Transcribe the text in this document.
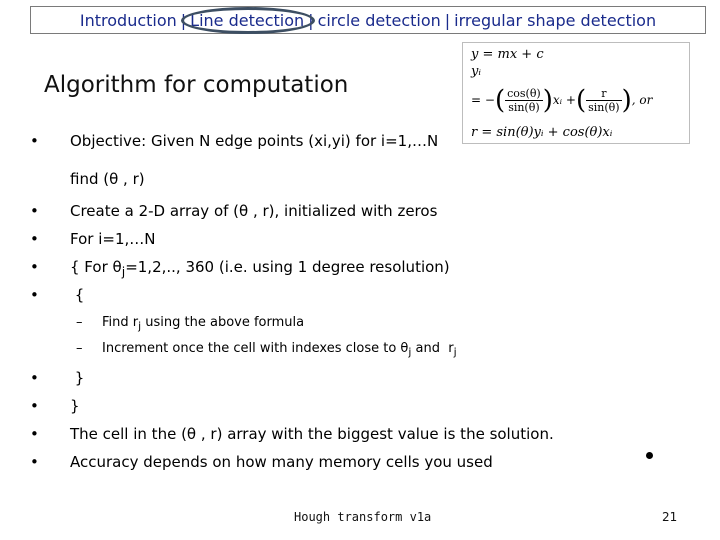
Introduction | Line detection | circle detection | irregular shape detection
Algorithm for computation
y = mx + c
yᵢ
= −( $\frac{\cos(\theta)}{\sin(\theta)}$ )xᵢ +( $\frac{r}{\sin(\theta)}$ ), or
r = sin(θ)yᵢ + cos(θ)xᵢ
• Objective: Given N edge points (xi,yi) for i=1,…N
find (θ , r)
• Create a 2-D array of (θ , r), initialized with zeros
• For i=1,…N
• { For $\theta_j=1,2$,.., 360 (i.e. using 1 degree resolution)
• {
– Find $r_j$ using the above formula
– Increment once the cell with indexes close to $\theta_j$ and  $r_j$
• }
• }
• The cell in the (θ , r) array with the biggest value is the solution.
• Accuracy depends on how many memory cells you used
Hough transform v1a	21
